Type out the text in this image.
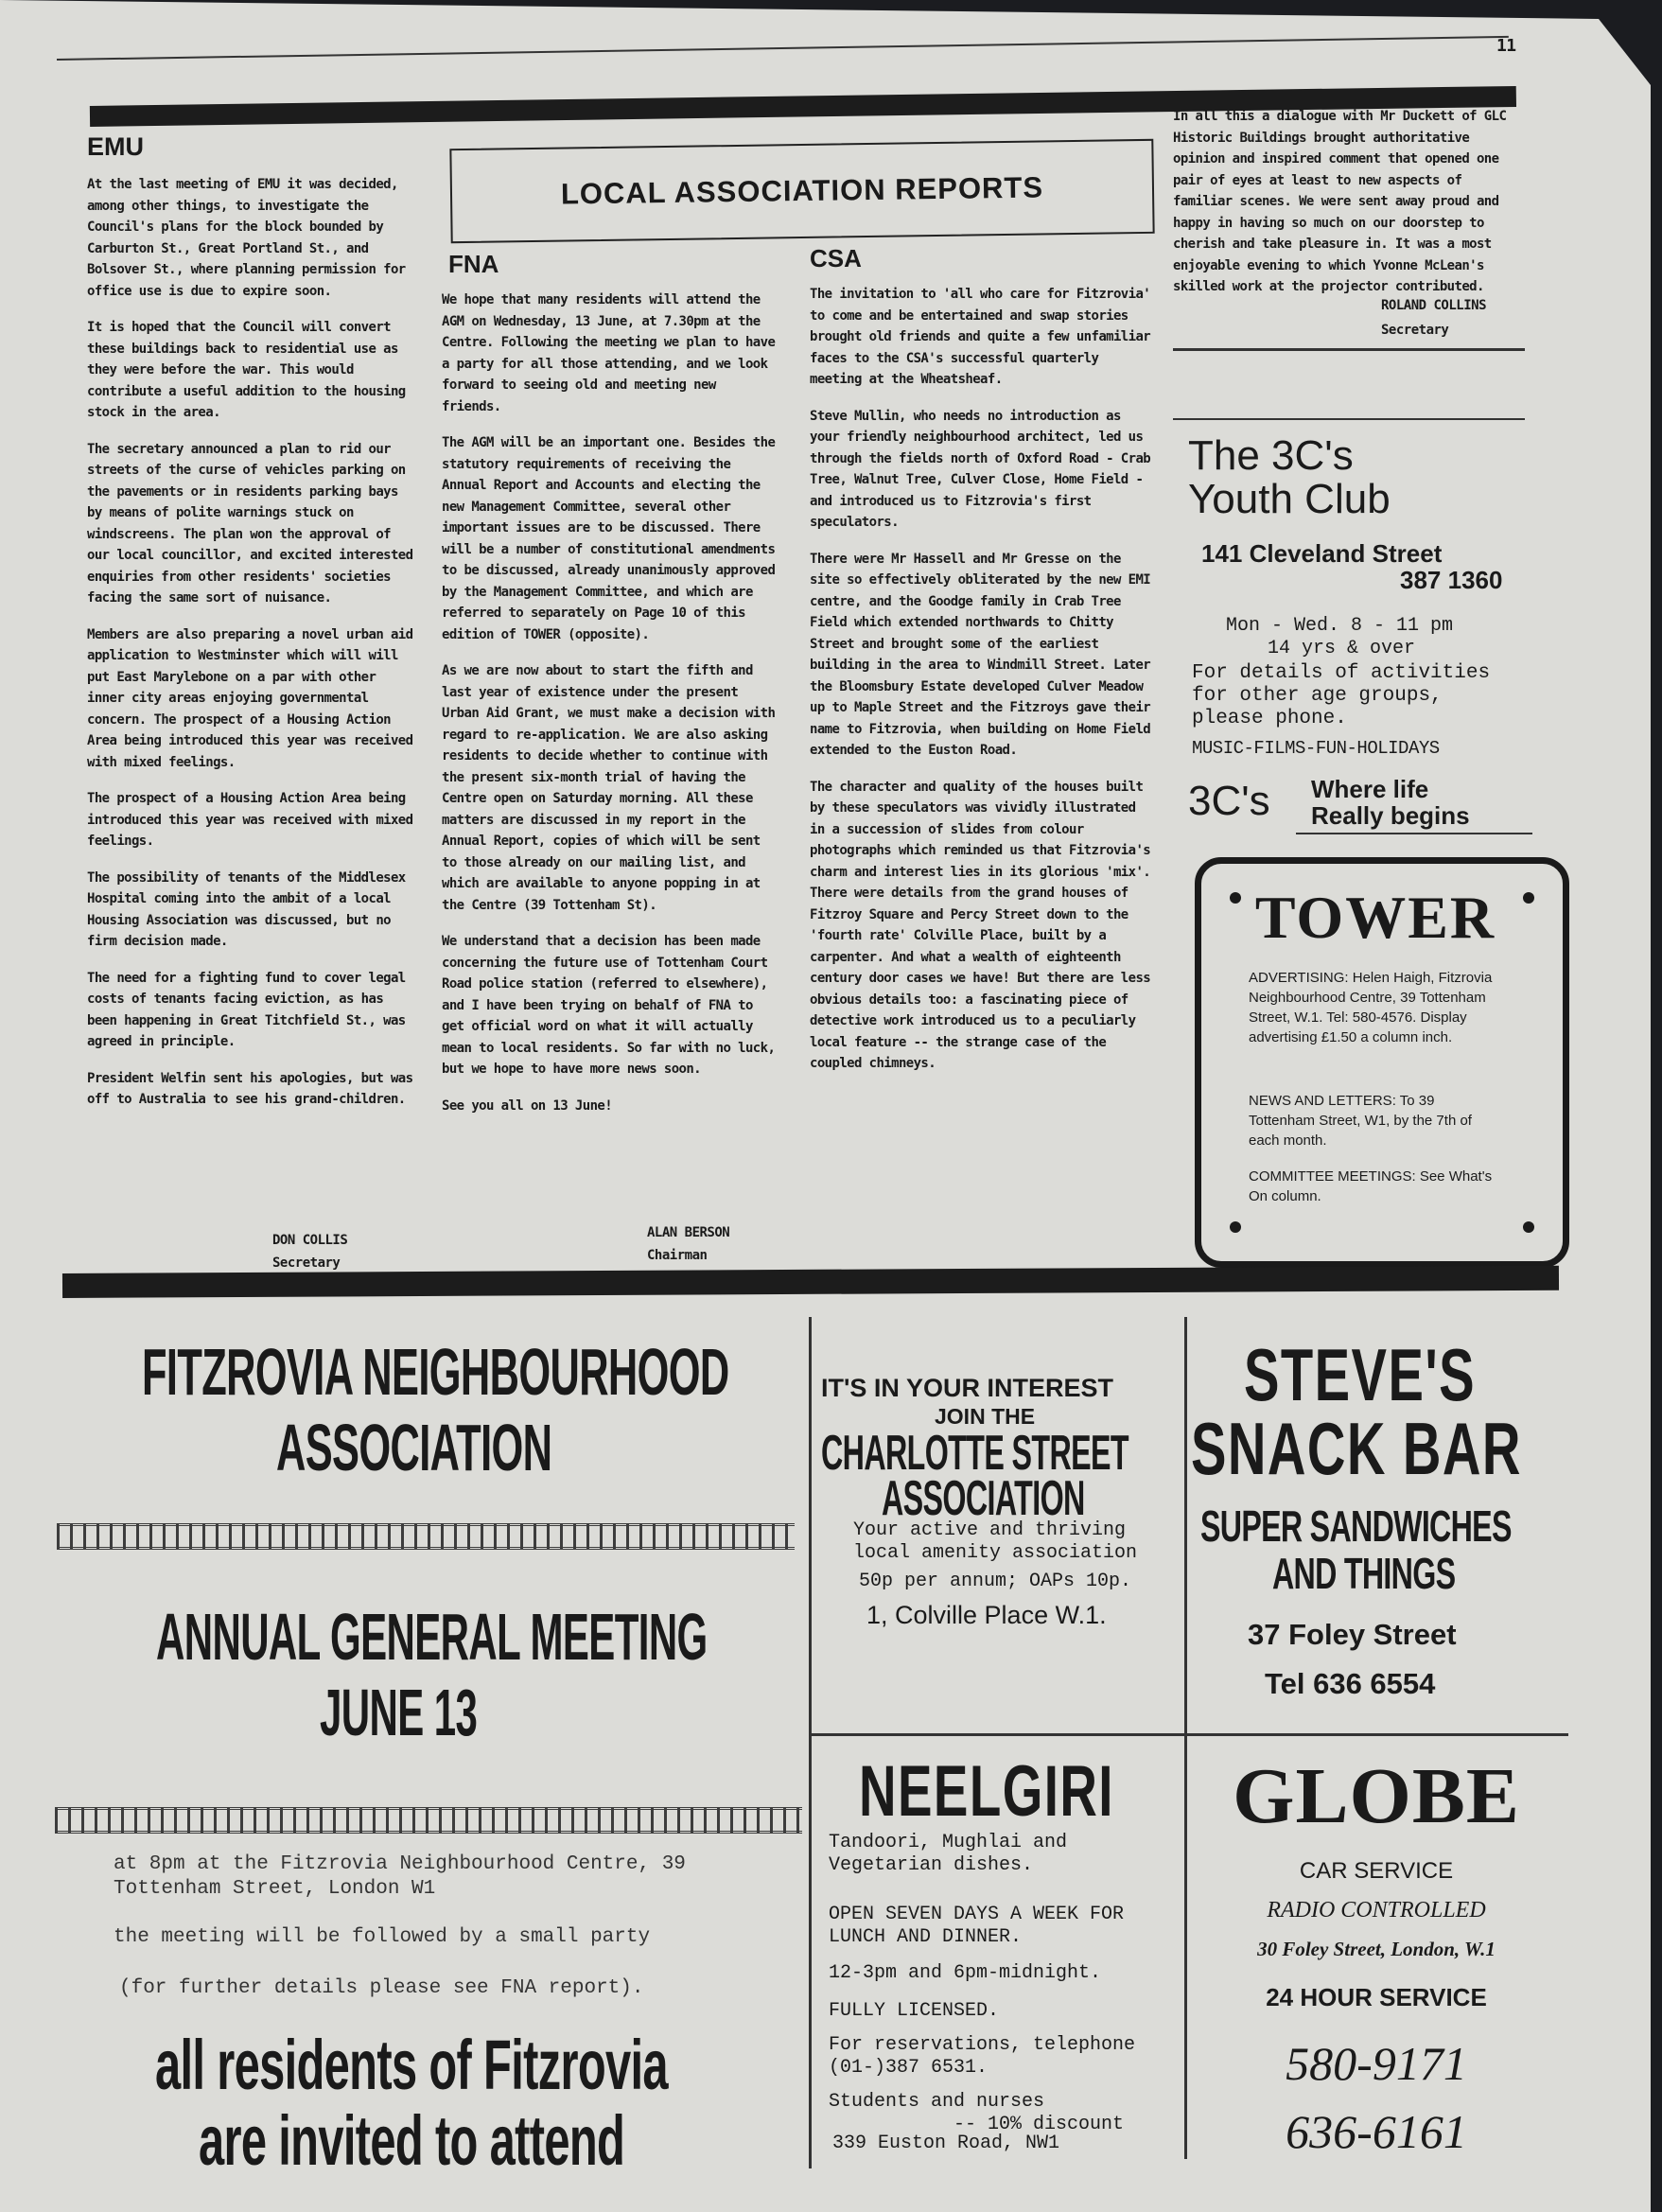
11
EMU

At the last meeting of EMU it was decided, among other things, to investigate the Council's plans for the block bounded by Carburton St., Great Portland St., and Bolsover St., where planning permission for office use is due to expire soon.

It is hoped that the Council will convert these buildings back to residential use as they were before the war. This would contribute a useful addition to the housing stock in the area.

The secretary announced a plan to rid our streets of the curse of vehicles parking on the pavements or in residents parking bays by means of polite warnings stuck on windscreens. The plan won the approval of our local councillor, and excited interested enquiries from other residents' societies facing the same sort of nuisance.

Members are also preparing a novel urban aid application to Westminster which will will put East Marylebone on a par with other inner city areas enjoying governmental concern. The prospect of a Housing Action Area being introduced this year was received with mixed feelings.

The prospect of a Housing Action Area being introduced this year was received with mixed feelings.

The possibility of tenants of the Middlesex Hospital coming into the ambit of a local Housing Association was discussed, but no firm decision made.

The need for a fighting fund to cover legal costs of tenants facing eviction, as has been happening in Great Titchfield St., was agreed in principle.

President Welfin sent his apologies, but was off to Australia to see his grand-children.

DON COLLIS
Secretary
LOCAL ASSOCIATION REPORTS
FNA

We hope that many residents will attend the AGM on Wednesday, 13 June, at 7.30pm at the Centre. Following the meeting we plan to have a party for all those attending, and we look forward to seeing old and meeting new friends.

The AGM will be an important one. Besides the statutory requirements of receiving the Annual Report and Accounts and electing the new Management Committee, several other important issues are to be discussed. There will be a number of constitutional amendments to be discussed, already unanimously approved by the Management Committee, and which are referred to separately on Page 10 of this edition of TOWER (opposite).

As we are now about to start the fifth and last year of existence under the present Urban Aid Grant, we must make a decision with regard to re-application. We are also asking residents to decide whether to continue with the present six-month trial of having the Centre open on Saturday morning. All these matters are discussed in my report in the Annual Report, copies of which will be sent to those already on our mailing list, and which are available to anyone popping in at the Centre (39 Tottenham St).

We understand that a decision has been made concerning the future use of Tottenham Court Road police station (referred to elsewhere), and I have been trying on behalf of FNA to get official word on what it will actually mean to local residents. So far with no luck, but we hope to have more news soon.

See you all on 13 June!

ALAN BERSON
Chairman
CSA

The invitation to 'all who care for Fitzrovia' to come and be entertained and swap stories brought old friends and quite a few unfamiliar faces to the CSA's successful quarterly meeting at the Wheatsheaf.

Steve Mullin, who needs no introduction as your friendly neighbourhood architect, led us through the fields north of Oxford Road - Crab Tree, Walnut Tree, Culver Close, Home Field - and introduced us to Fitzrovia's first speculators.

There were Mr Hassell and Mr Gresse on the site so effectively obliterated by the new EMI centre, and the Goodge family in Crab Tree Field which extended northwards to Chitty Street and brought some of the earliest building in the area to Windmill Street. Later the Bloomsbury Estate developed Culver Meadow up to Maple Street and the Fitzroys gave their name to Fitzrovia, when building on Home Field extended to the Euston Road.

The character and quality of the houses built by these speculators was vividly illustrated in a succession of slides from colour photographs which reminded us that Fitzrovia's charm and interest lies in its glorious 'mix'. There were details from the grand houses of Fitzroy Square and Percy Street down to the 'fourth rate' Colville Place, built by a carpenter. And what a wealth of eighteenth century door cases we have! But there are less obvious details too: a fascinating piece of detective work introduced us to a peculiarly local feature -- the strange case of the coupled chimneys.

In all this a dialogue with Mr Duckett of GLC Historic Buildings brought authoritative opinion and inspired comment that opened one pair of eyes at least to new aspects of familiar scenes. We were sent away proud and happy in having so much on our doorstep to cherish and take pleasure in. It was a most enjoyable evening to which Yvonne McLean's skilled work at the projector contributed.

ROLAND COLLINS
Secretary
The 3C's
Youth Club
141 Cleveland Street
387 1360
Mon - Wed. 8 - 11 pm
14 yrs & over
For details of activities for other age groups, please phone.
MUSIC-FILMS-FUN-HOLIDAYS
3C's Where life
Really begins
TOWER
ADVERTISING: Helen Haigh, Fitzrovia Neighbourhood Centre, 39 Tottenham Street, W.1. Tel: 580-4576. Display advertising £1.50 a column inch.
NEWS AND LETTERS: To 39 Tottenham Street, W1, by the 7th of each month.
COMMITTEE MEETINGS: See What's On column.
FITZROVIA NEIGHBOURHOOD
ASSOCIATION
ANNUAL GENERAL MEETING
JUNE 13
at 8pm at the Fitzrovia Neighbourhood Centre, 39 Tottenham Street, London W1
the meeting will be followed by a small party
(for further details please see FNA report).
all residents of Fitzrovia
are invited to attend
IT'S IN YOUR INTEREST
JOIN THE
CHARLOTTE STREET
ASSOCIATION
Your active and thriving
local amenity association
50p per annum; OAPs 10p.
1, Colville Place W.1.
STEVE'S
SNACK BAR
SUPER SANDWICHES
AND THINGS
37 Foley Street
Tel 636 6554
NEELGIRI
Tandoori, Mughlai and Vegetarian dishes.
OPEN SEVEN DAYS A WEEK FOR LUNCH AND DINNER.
12-3pm and 6pm-midnight.
FULLY LICENSED.
For reservations, telephone (01-)387 6531.
Students and nurses
-- 10% discount
339 Euston Road, NW1
GLOBE
CAR SERVICE
RADIO CONTROLLED
30 Foley Street, London, W.1
24 HOUR SERVICE
580-9171
636-6161
